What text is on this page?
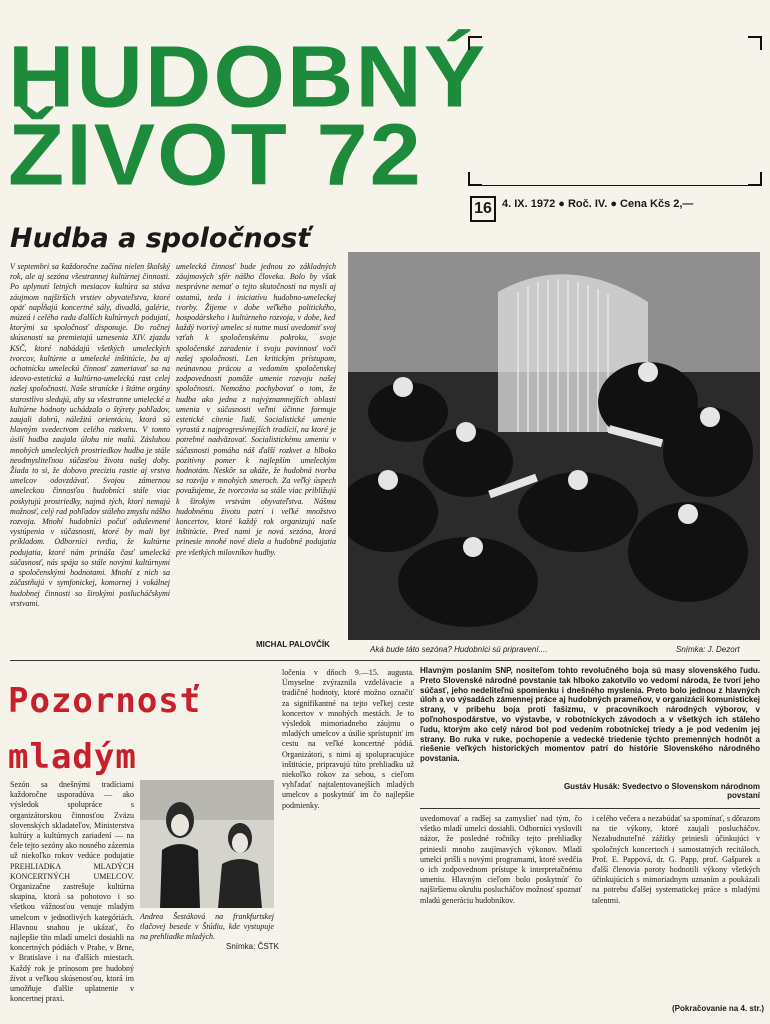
HUDOBNÝ
ŽIVOT 72
16 4. IX. 1972 ● Roč. IV. ● Cena Kčs 2,—
Hudba a spoločnosť
V septembri sa každoročne začína nielen školský rok, ale aj sezóna všestrannej kultúrnej činnosti. Po uplynutí letných mesiacov kultúra sa stáva záujmom najširších vrstiev obyvateľstva, ktoré opäť napĺňajú koncertné sály, divadlá, galérie, múzeá i celého radu ďalších kultúrnych podujatí, ktorými sa spoločnosť disponuje. Do ročnej skúsenosti sa premietajú uznesenia XIV. zjazdu KSČ, ktoré nabádajú všetkých umeleckých tvorcov, kultúrne a umelecké inštitúcie, ba aj ochotnícku umeleckú činnosť zameriavať sa na ideovo-estetickú a kultúrno-umeleckú rast celej našej spoločnosti. Naše stranícke i štátne orgány starostlivo sledujú, aby sa všestranne umelecké a kultúrne hodnoty uchádzalo o štýrety pohľadov, zaujali dobrú, náležitú orientáciu, ktorá sú hlavným svedectvom celého rozkvetu. V tomto úsilí hudba zaujala úlohu nie malú. Zásluhou mnohých umeleckých prostriedkov hudba je stále neodmysliteľnou súčasťou života našej doby. Žiada to si, že dobovo precíziu rastie aj vrstva umelcov odovzdávať. Svojou zámernou umeleckou činnosťou hudobníci stále viac poskytujú prostriedky, najmä tých, ktorí nemajú možnosť, celý rad pohľadov stáleho zmyslu nášho rozvoja. Mnohí hudobníci počuť oduševnené vystúpenia v súčasnosti, ktoré by mali byť príkladom. Odborníci tvrdia, že kultúrne podujatia, ktoré nám prináša časť umelecká súčasnosť, nás spája so stále novými kultúrnymi a spoločenskými hodnotami. Mnohí z nich sa zúčastňujú v symfonickej, komornej i vokálnej hudobnej činnosti so širokými poslucháčskymi vrstvami.
umelecká činnosť bude jednou zo základných záujmových sfér nášho človeka. Bolo by však nesprávne nemať o tejto skutočnosti na mysli aj ostatnú, teda i iniciatívu hudobno-umeleckej tvorby. Žijeme v dobe veľkého politického, hospodárskeho i kultúrneho rozvoja, v dobe, keď každý tvorivý umelec si nutne musí uvedomiť svoj vzťah k spoločenskému pokroku, svoje spoločenské zaradenie i svoju povinnosť voči našej spoločnosti. Len kritickým prístupom, neúnavnou prácou a vedomím spoločenskej zodpovednosti pomôže umenie rozvoju našej spoločnosti. Nemožno pochybovať o tom, že hudba ako jedna z najvýznamnejších oblastí umenia v súčasnosti veľmi účinne formuje estetické cítenie ľudí. Socialistické umenie vyrastá z najprogresívnejších tradícií, na ktoré je potrebné nadväzovať. Socialistickému umeniu v súčasnosti pomáha náš ďalší rozkvet a hlboko pozitívny pomer k najlepším umeleckým hodnotám. Neskôr sa ukáže, že hudobná tvorba sa rozvíja v mnohých smeroch. Za veľký úspech považujeme, že tvorcovia sa stále viac približujú k širokým vrstvám obyvateľstva. Nášmu hudobnému životu patrí i veľké množstvo koncertov, ktoré každý rok organizujú naše inštitúcie. Pred nami je nová sezóna, ktorá prinesie mnohé nové diela a hudobné podujatia pre všetkých milovníkov hudby.
MICHAL PALOVČÍK
Aká bude táto sezóna? Hudobníci sú pripravení....	Snímka: J. Dezort
Pozornosť
mladým
Hlavným poslaním SNP, nositeľom tohto revolučného boja sú masy slovenského ľudu. Preto Slovenské národné povstanie tak hlboko zakotvilo vo vedomí národa, že tvorí jeho súčasť, jeho nedeliteľnú spomienku i dnešného myslenia. Preto bolo jednou z hlavných úloh a vo výsadách zámennej práce aj hudobných prameňov, v organizácii komunistickej strany, v príbehu boja proti fašizmu, v pracovníkoch národných výborov, v poľnohospodárstve, vo výstavbe, v robotníckych závodoch a v všetkých ich stáleho ľudu, ktorým ako celý národ bol pod vedením robotníckej triedy a je pod vedením jej strany. Bo ruka v ruke, pochopenie a vedecké triedenie týchto premenných hodnôt a riešenie veľkých historických momentov patrí do histórie Slovenského národného povstania.
Gustáv Husák: Svedectvo o Slovenskom národnom povstaní
Sezón sa dnešnými tradíciami každoročne usporadúva — ako výsledok spolupráce s organizátorskou činnosťou Zväzu slovenských skladateľov, Ministerstva kultúry a kultúrnych zariadení — na čele tejto sezóny ako nosného zázemia už niekoľko rokov vedúce podujatie PREHLIADKA MLADÝCH KONCERTNÝCH UMELCOV. Organizačne zastrešuje kultúrna skupina, ktorá sa pohotovo i so všetkou vážnosťou venuje mladým umelcom v jednotlivých kategóriách. Hlavnou snahou je ukázať, čo najlepšie títo mladí umelci dosiahli na koncertných pódiách v Prahe, v Brne, v Bratislave i na ďalších miestach. Každý rok je prínosom pre hudobný život a veľkou skúsenosťou, ktorá im umožňuje ďalšie uplatnenie v koncertnej praxi.
Andrea Šestáková na frankfurtskej tlačovej besede v Štúdiu, kde vystupuje na prehliadke mladých.
Snímka: ČSTK
ločenia v dňoch 9.—15. augusta. Úmyselne zvýraznila vzdelávacie a tradičné hodnoty, ktoré možno označiť za signifikantné na tejto veľkej ceste koncertov v mnohých mestách. Je to výsledok mimoriadneho záujmu o mladých umelcov a úsilie sprístupniť im cestu na veľké koncertné pódiá. Organizátori, s nimi aj spolupracujúce inštitúcie, pripravujú túto prehliadku už niekoľko rokov za sebou, s cieľom vyhľadať najtalentovanejších mladých umelcov a poskytnúť im čo najlepšie podmienky.
uvedomovať a radšej sa zamyslieť nad tým, čo všetko mladí umelci dosiahli. Odborníci vyslovili názor, že posledné ročníky tejto prehliadky priniesli mnoho zaujímavých výkonov. Mladí umelci prišli s novými programami, ktoré svedčia o ich zodpovednom prístupe k interpretačnému umeniu. Hlavným cieľom bolo poskytnúť čo najširšiemu okruhu poslucháčov možnosť spoznať mladú generáciu hudobníkov.
i celého večera a nezabúdať sa spomínať, s dôrazom na tie výkony, ktoré zaujali poslucháčov. Nezabudnuteľné zážitky priniesli účinkujúci v spoločných koncertoch i samostatných recitáloch. Prof. E. Pappová, dr. G. Papp, prof. Gašparek a ďalší členovia poroty hodnotili výkony všetkých účinkujúcich s mimoriadnym uznaním a poukázali na potrebu ďalšej systematickej práce s mladými talentmi.
(Pokračovanie na 4. str.)
